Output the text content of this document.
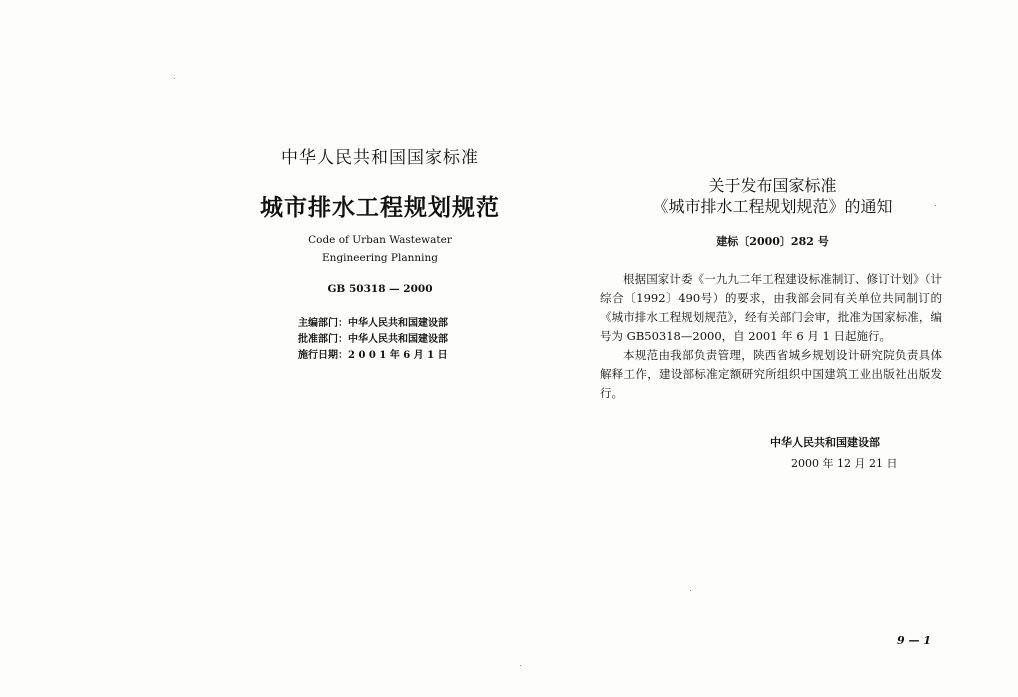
中华人民共和国国家标准
城市排水工程规划规范
Code of Urban Wastewater
Engineering Planning
GB 50318 — 2000
主编部门：中华人民共和国建设部
批准部门：中华人民共和国建设部
施行日期：2 0 0 1 年 6 月 1 日
关于发布国家标准
《城市排水工程规划规范》的通知
建标〔2000〕282 号

根据国家计委《一九九二年工程建设标准制订、修订计划》（计综合〔1992〕490号）的要求，由我部会同有关单位共同制订的《城市排水工程规划规范》，经有关部门会审，批准为国家标准，编号为 GB50318—2000，自 2001 年 6 月 1 日起施行。

本规范由我部负责管理，陕西省城乡规划设计研究院负责具体解释工作，建设部标准定额研究所组织中国建筑工业出版社出版发行。

中华人民共和国建设部
2000 年 12 月 21 日
9 — 1
